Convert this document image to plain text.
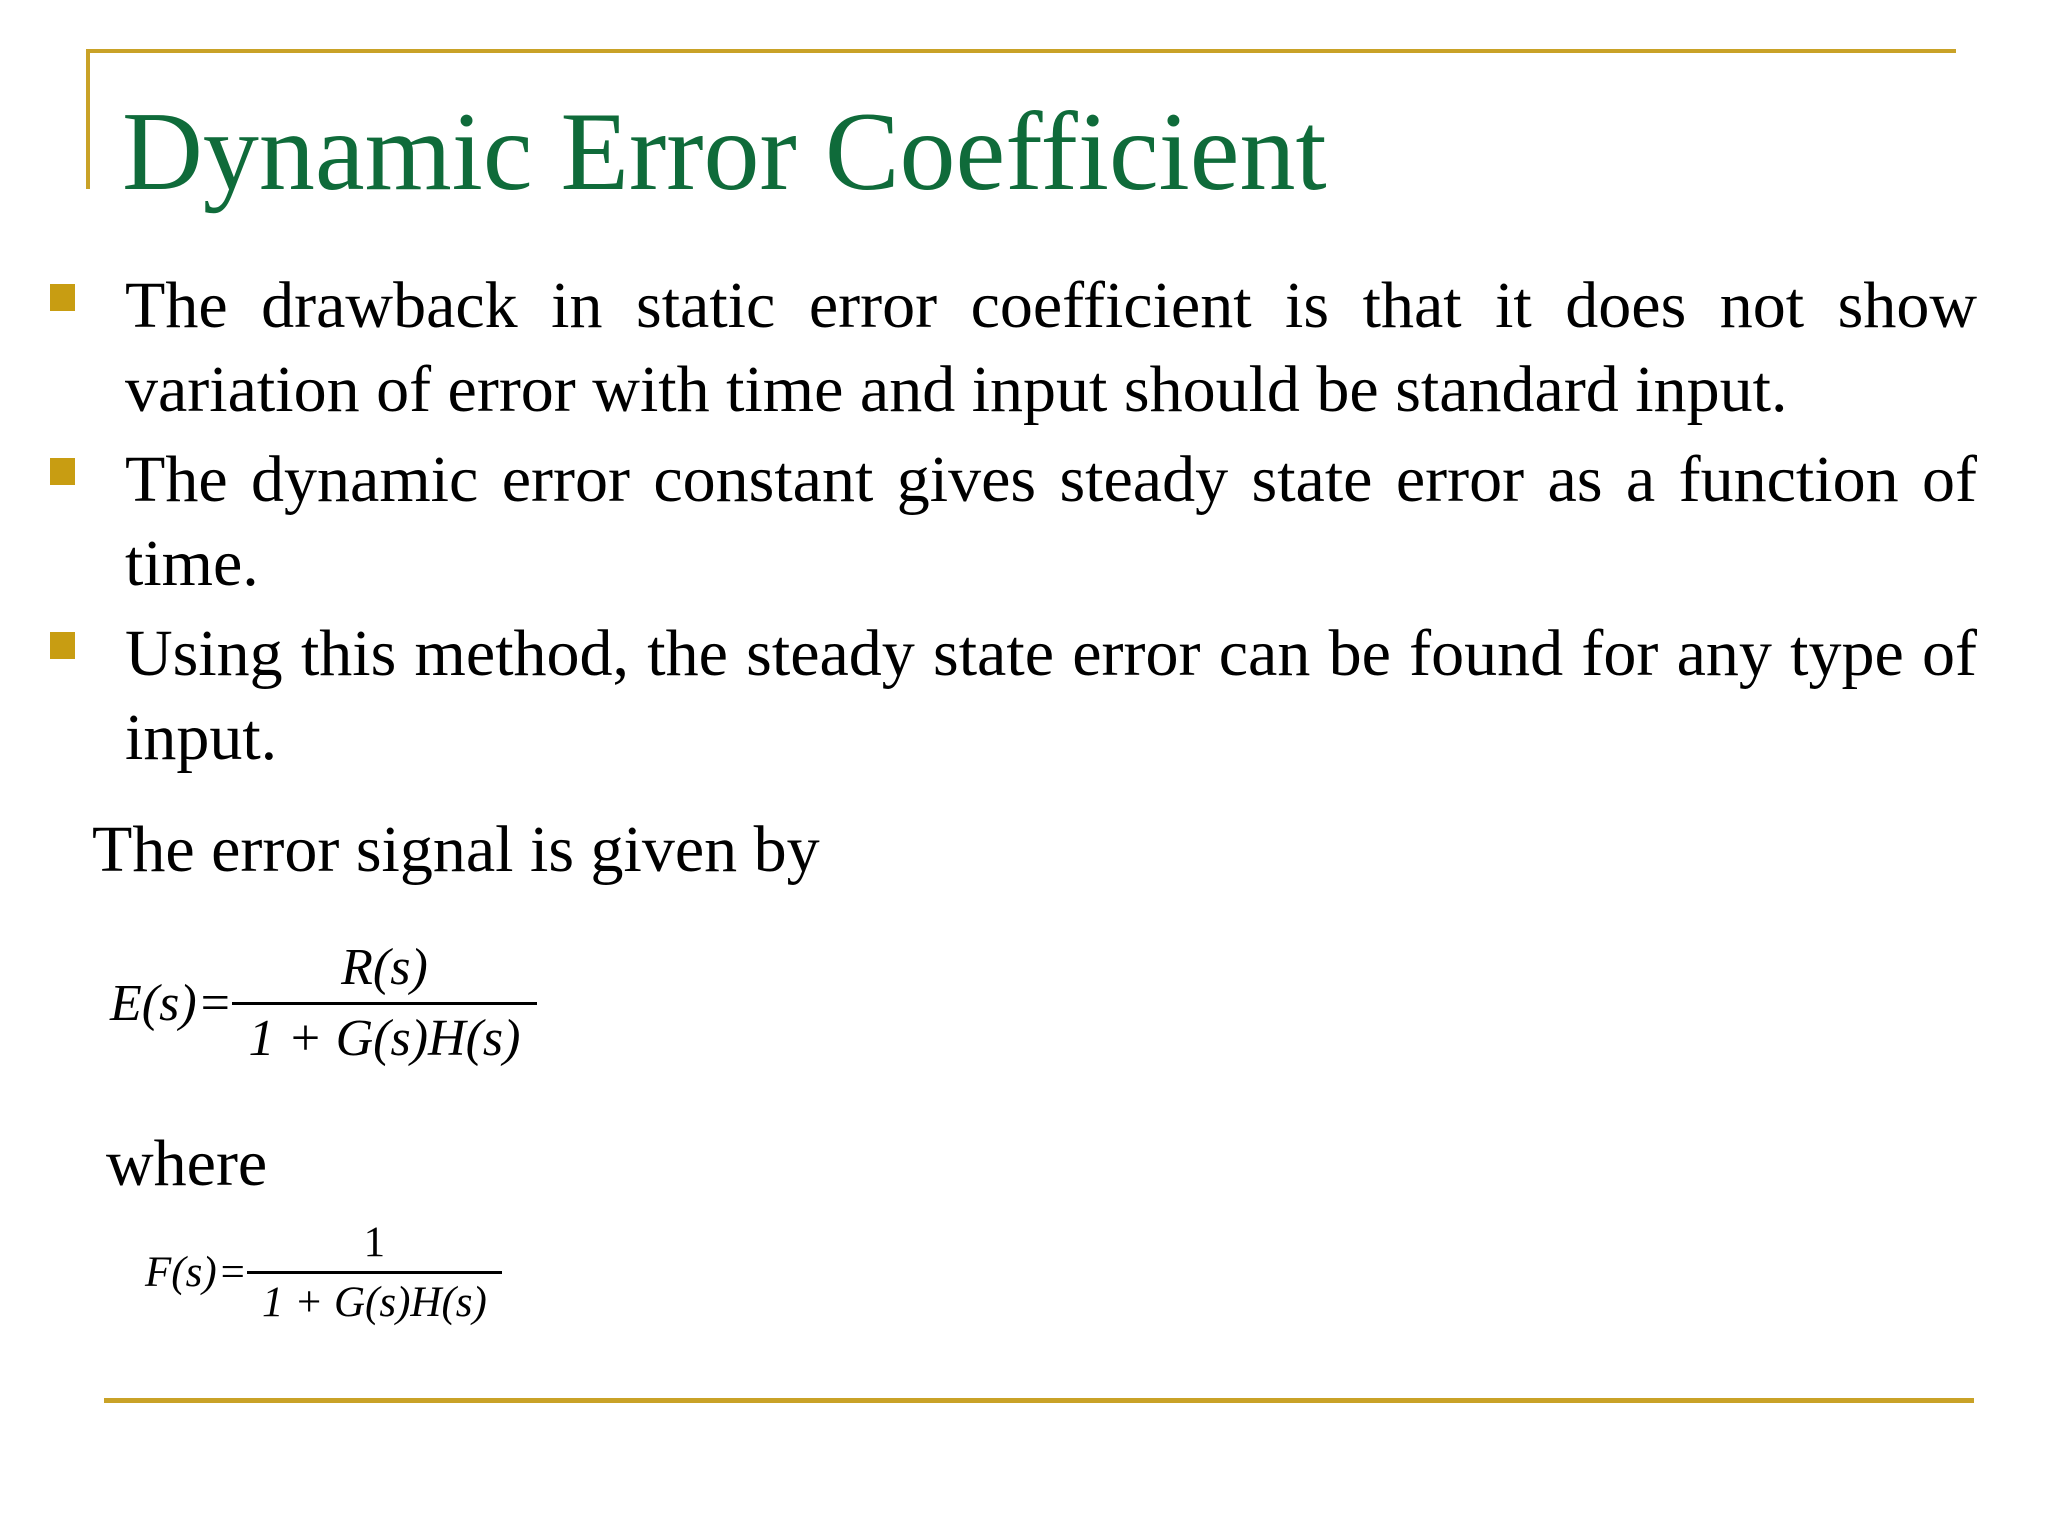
Dynamic Error Coefficient
The drawback in static error coefficient is that it does not show variation of error with time and input should be standard input.
The dynamic error constant gives steady state error as a function of time.
Using this method, the steady state error can be found for any type of input.

The error signal is given by

$E(s) = \frac{R(s)}{1 + G(s)H(s)}$

where

$F(s) = \frac{1}{1 + G(s)H(s)}$
